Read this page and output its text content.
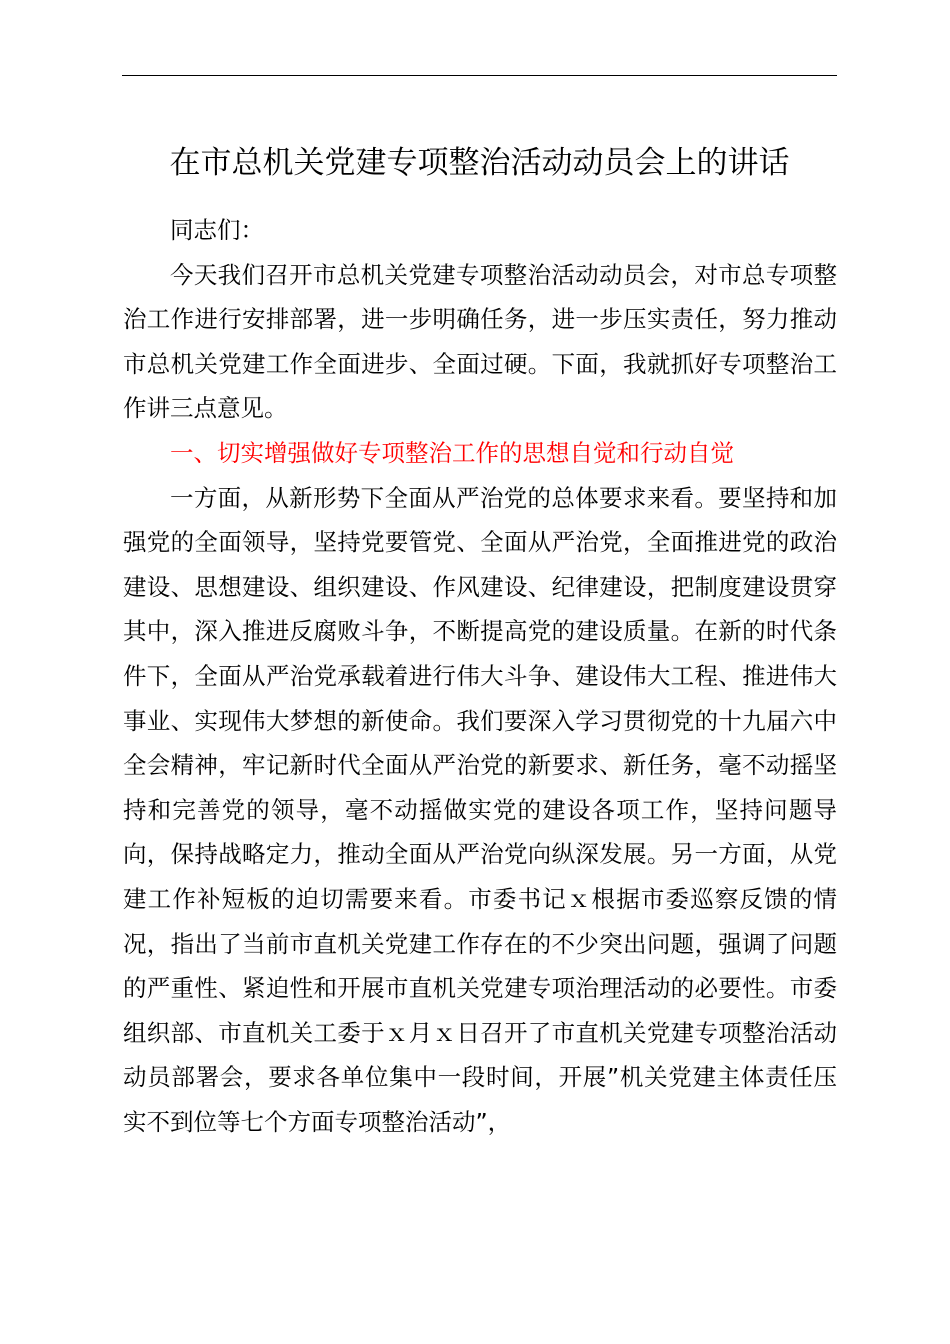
在市总机关党建专项整治活动动员会上的讲话

同志们：

今天我们召开市总机关党建专项整治活动动员会，对市总专项整治工作进行安排部署，进一步明确任务，进一步压实责任，努力推动市总机关党建工作全面进步、全面过硬。下面，我就抓好专项整治工作讲三点意见。

一、切实增强做好专项整治工作的思想自觉和行动自觉

一方面，从新形势下全面从严治党的总体要求来看。要坚持和加强党的全面领导，坚持党要管党、全面从严治党，全面推进党的政治建设、思想建设、组织建设、作风建设、纪律建设，把制度建设贯穿其中，深入推进反腐败斗争，不断提高党的建设质量。在新的时代条件下，全面从严治党承载着进行伟大斗争、建设伟大工程、推进伟大事业、实现伟大梦想的新使命。我们要深入学习贯彻党的十九届六中全会精神，牢记新时代全面从严治党的新要求、新任务，毫不动摇坚持和完善党的领导，毫不动摇做实党的建设各项工作，坚持问题导向，保持战略定力，推动全面从严治党向纵深发展。另一方面，从党建工作补短板的迫切需要来看。市委书记ｘ根据市委巡察反馈的情况，指出了当前市直机关党建工作存在的不少突出问题，强调了问题的严重性、紧迫性和开展市直机关党建专项治理活动的必要性。市委组织部、市直机关工委于ｘ月ｘ日召开了市直机关党建专项整治活动动员部署会，要求各单位集中一段时间，开展”机关党建主体责任压实不到位等七个方面专项整治活动”，
